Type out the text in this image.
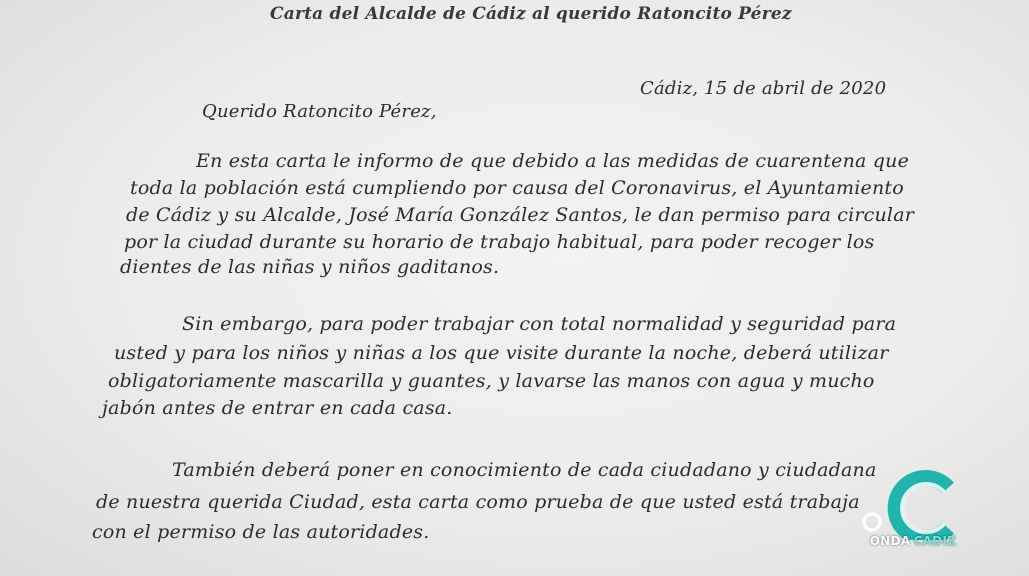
Carta del Alcalde de Cádiz al querido Ratoncito Pérez
Cádiz, 15 de abril de 2020
Querido Ratoncito Pérez,
En esta carta le informo de que debido a las medidas de cuarentena que
toda la población está cumpliendo por causa del Coronavirus, el Ayuntamiento
de Cádiz y su Alcalde, José María González Santos, le dan permiso para circular
por la ciudad durante su horario de trabajo habitual, para poder recoger los
dientes de las niñas y niños gaditanos.
Sin embargo, para poder trabajar con total normalidad y seguridad para
usted y para los niños y niñas a los que visite durante la noche, deberá utilizar
obligatoriamente mascarilla y guantes, y lavarse las manos con agua y mucho
jabón antes de entrar en cada casa.
También deberá poner en conocimiento de cada ciudadano y ciudadana
de nuestra querida Ciudad, esta carta como prueba de que usted está trabaja
con el permiso de las autoridades.	ONDA CÁDIZ
